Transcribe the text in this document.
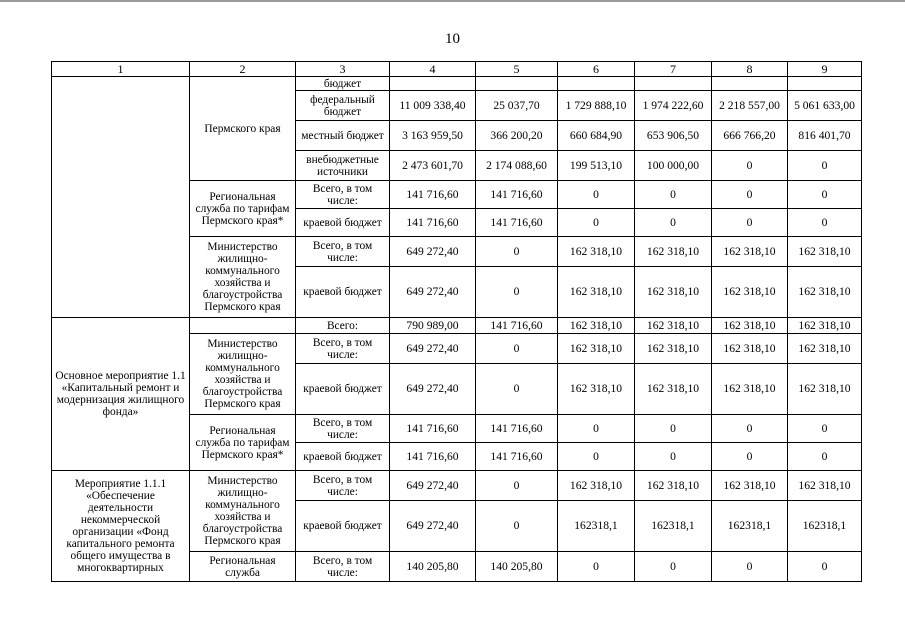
10
1	2	3	4	5	6	7	8	9
	Пермского края	бюджет						
		федеральный бюджет	11 009 338,40	25 037,70	1 729 888,10	1 974 222,60	2 218 557,00	5 061 633,00
		местный бюджет	3 163 959,50	366 200,20	660 684,90	653 906,50	666 766,20	816 401,70
		внебюджетные источники	2 473 601,70	2 174 088,60	199 513,10	100 000,00	0	0
	Региональная служба по тарифам Пермского края*	Всего, в том числе:	141 716,60	141 716,60	0	0	0	0
		краевой бюджет	141 716,60	141 716,60	0	0	0	0
	Министерство жилищно-коммунального хозяйства и благоустройства Пермского края	Всего, в том числе:	649 272,40	0	162 318,10	162 318,10	162 318,10	162 318,10
		краевой бюджет	649 272,40	0	162 318,10	162 318,10	162 318,10	162 318,10
Основное мероприятие 1.1 «Капитальный ремонт и модернизация жилищного фонда»		Всего:	790 989,00	141 716,60	162 318,10	162 318,10	162 318,10	162 318,10
	Министерство жилищно-коммунального хозяйства и благоустройства Пермского края	Всего, в том числе:	649 272,40	0	162 318,10	162 318,10	162 318,10	162 318,10
		краевой бюджет	649 272,40	0	162 318,10	162 318,10	162 318,10	162 318,10
	Региональная служба по тарифам Пермского края*	Всего, в том числе:	141 716,60	141 716,60	0	0	0	0
		краевой бюджет	141 716,60	141 716,60	0	0	0	0
Мероприятие 1.1.1 «Обеспечение деятельности некоммерческой организации «Фонд капитального ремонта общего имущества в многоквартирных	Министерство жилищно-коммунального хозяйства и благоустройства Пермского края	Всего, в том числе:	649 272,40	0	162 318,10	162 318,10	162 318,10	162 318,10
		краевой бюджет	649 272,40	0	162318,1	162318,1	162318,1	162318,1
	Региональная служба	Всего, в том числе:	140 205,80	140 205,80	0	0	0	0
